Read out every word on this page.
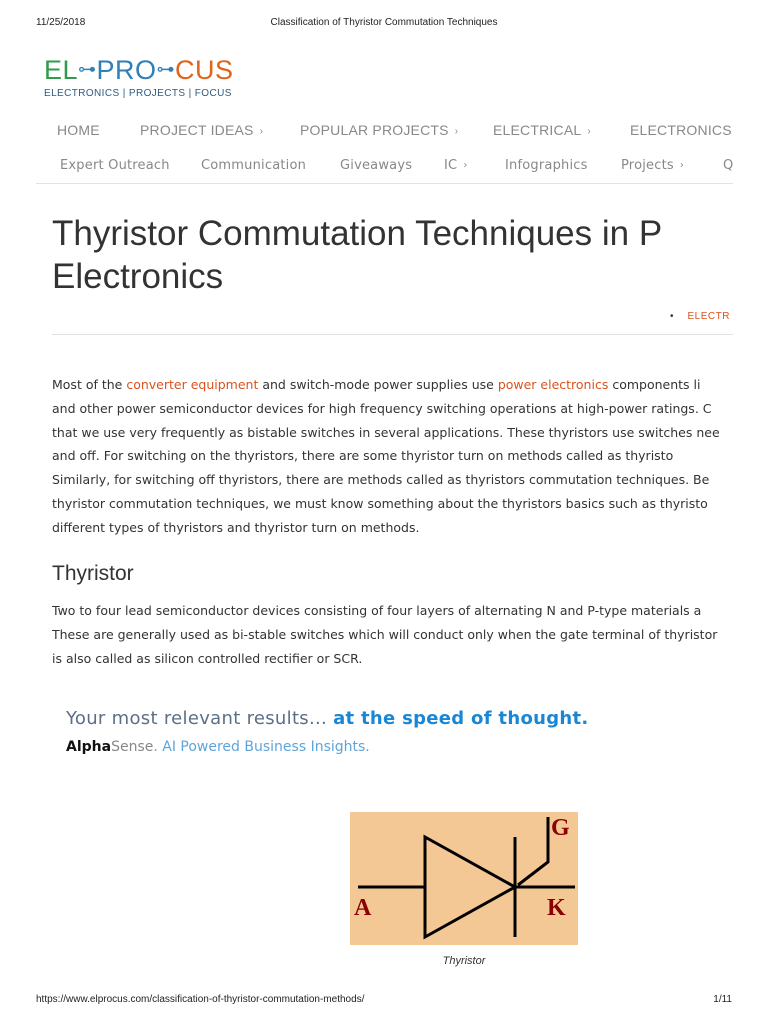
11/25/2018	Classification of Thyristor Commutation Techniques
EL⊶PRO⊶CUS
ELECTRONICS | PROJECTS | FOCUS
HOME	PROJECT IDEAS ›	POPULAR PROJECTS › ELECTRICAL ›	ELECTRONICS
Expert Outreach Communication	Giveaways IC ›	Infographics	Projects ›	Q
Thyristor Commutation Techniques in P
Electronics
• ELECTR
Most of the converter equipment and switch-mode power supplies use power electronics components li
and other power semiconductor devices for high frequency switching operations at high-power ratings. C
that we use very frequently as bistable switches in several applications. These thyristors use switches nee
and off. For switching on the thyristors, there are some thyristor turn on methods called as thyristo
Similarly, for switching off thyristors, there are methods called as thyristors commutation techniques. Be
thyristor commutation techniques, we must know something about the thyristors basics such as thyristo
different types of thyristors and thyristor turn on methods.
Thyristor
Two to four lead semiconductor devices consisting of four layers of alternating N and P-type materials a
These are generally used as bi-stable switches which will conduct only when the gate terminal of thyristor
is also called as silicon controlled rectifier or SCR.
Your most relevant results... at the speed of thought.
AlphaSense. AI Powered Business Insights.
A	K
G
Thyristor
https://www.elprocus.com/classification-of-thyristor-commutation-methods/	1/11
